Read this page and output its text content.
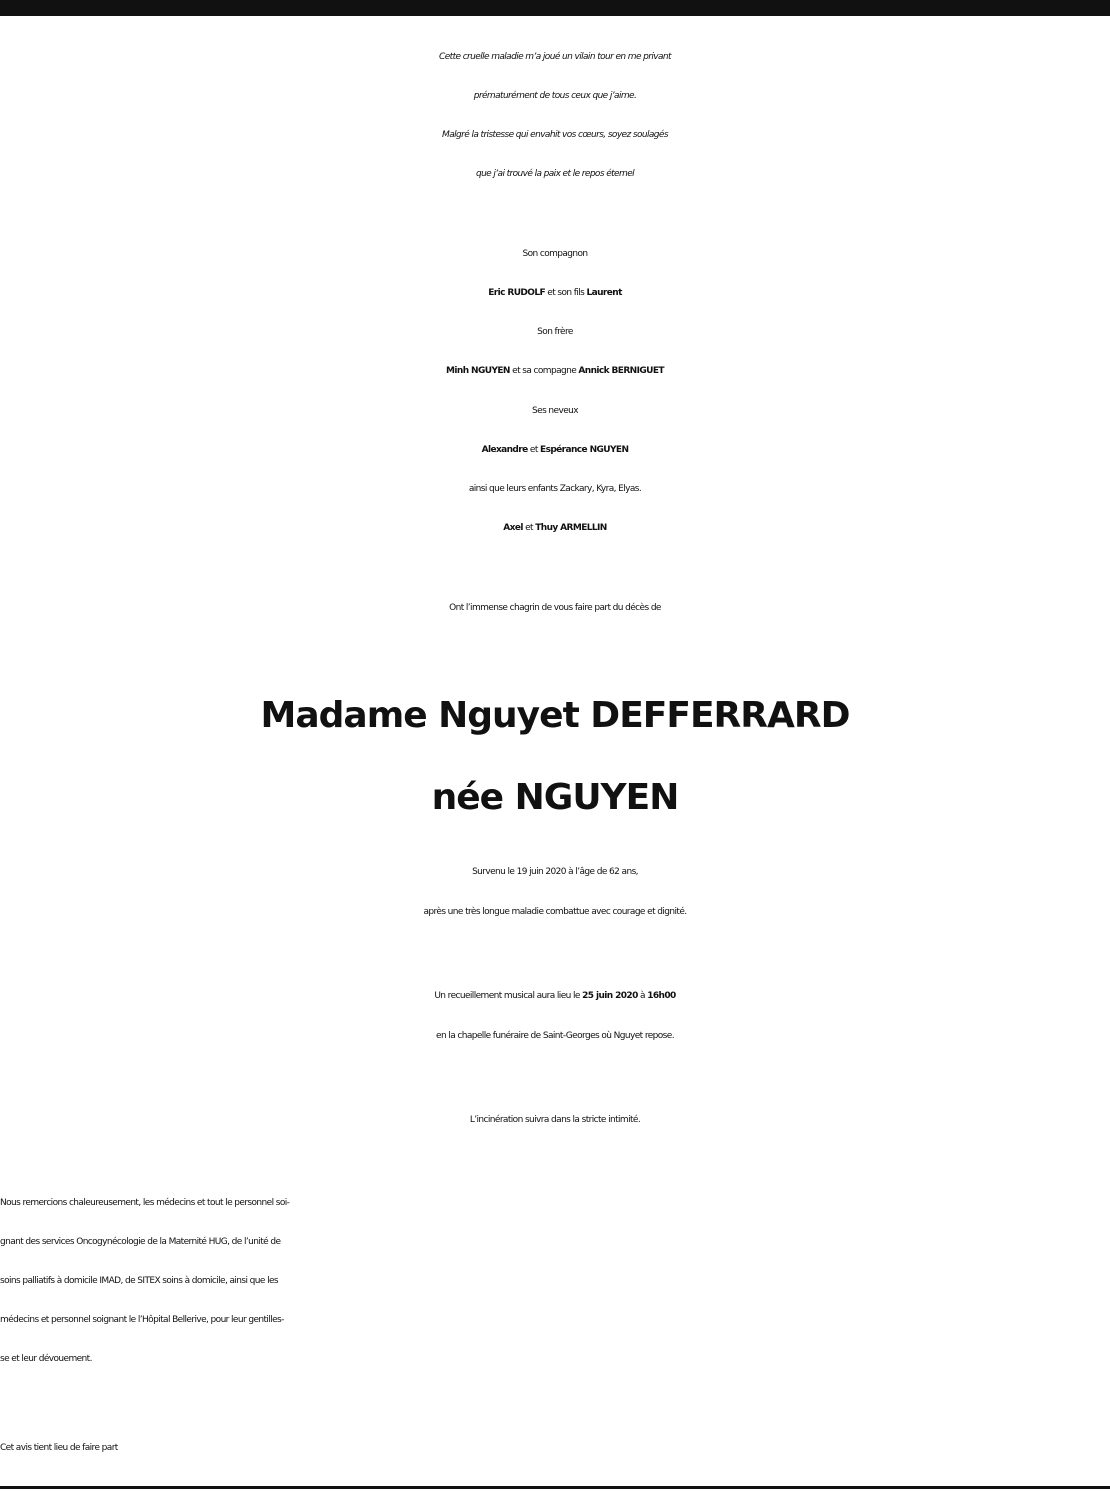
Cette cruelle maladie m’a joué un vilain tour en me privant
prématurément de tous ceux que j’aime.
Malgré la tristesse qui envahit vos cœurs, soyez soulagés
que j’ai trouvé la paix et le repos éternel
Son compagnon
Eric RUDOLF et son fils Laurent
Son frère
Minh NGUYEN et sa compagne Annick BERNIGUET
Ses neveux
Alexandre et Espérance NGUYEN
ainsi que leurs enfants Zackary, Kyra, Elyas.
Axel et Thuy ARMELLIN
Ont l’immense chagrin de vous faire part du décès de
Madame Nguyet DEFFERRARD
née NGUYEN
Survenu le 19 juin 2020 à l’âge de 62 ans,
après une très longue maladie combattue avec courage et dignité.
Un recueillement musical aura lieu le 25 juin 2020 à 16h00
en la chapelle funéraire de Saint-Georges où Nguyet repose.
L’incinération suivra dans la stricte intimité.
Nous remercions chaleureusement, les médecins et tout le personnel soi-
gnant des services Oncogynécologie de la Maternité HUG, de l’unité de
soins palliatifs à domicile IMAD, de SITEX soins à domicile, ainsi que les
médecins et personnel soignant le l’Hôpital Bellerive, pour leur gentilles-
se et leur dévouement.
Cet avis tient lieu de faire part
